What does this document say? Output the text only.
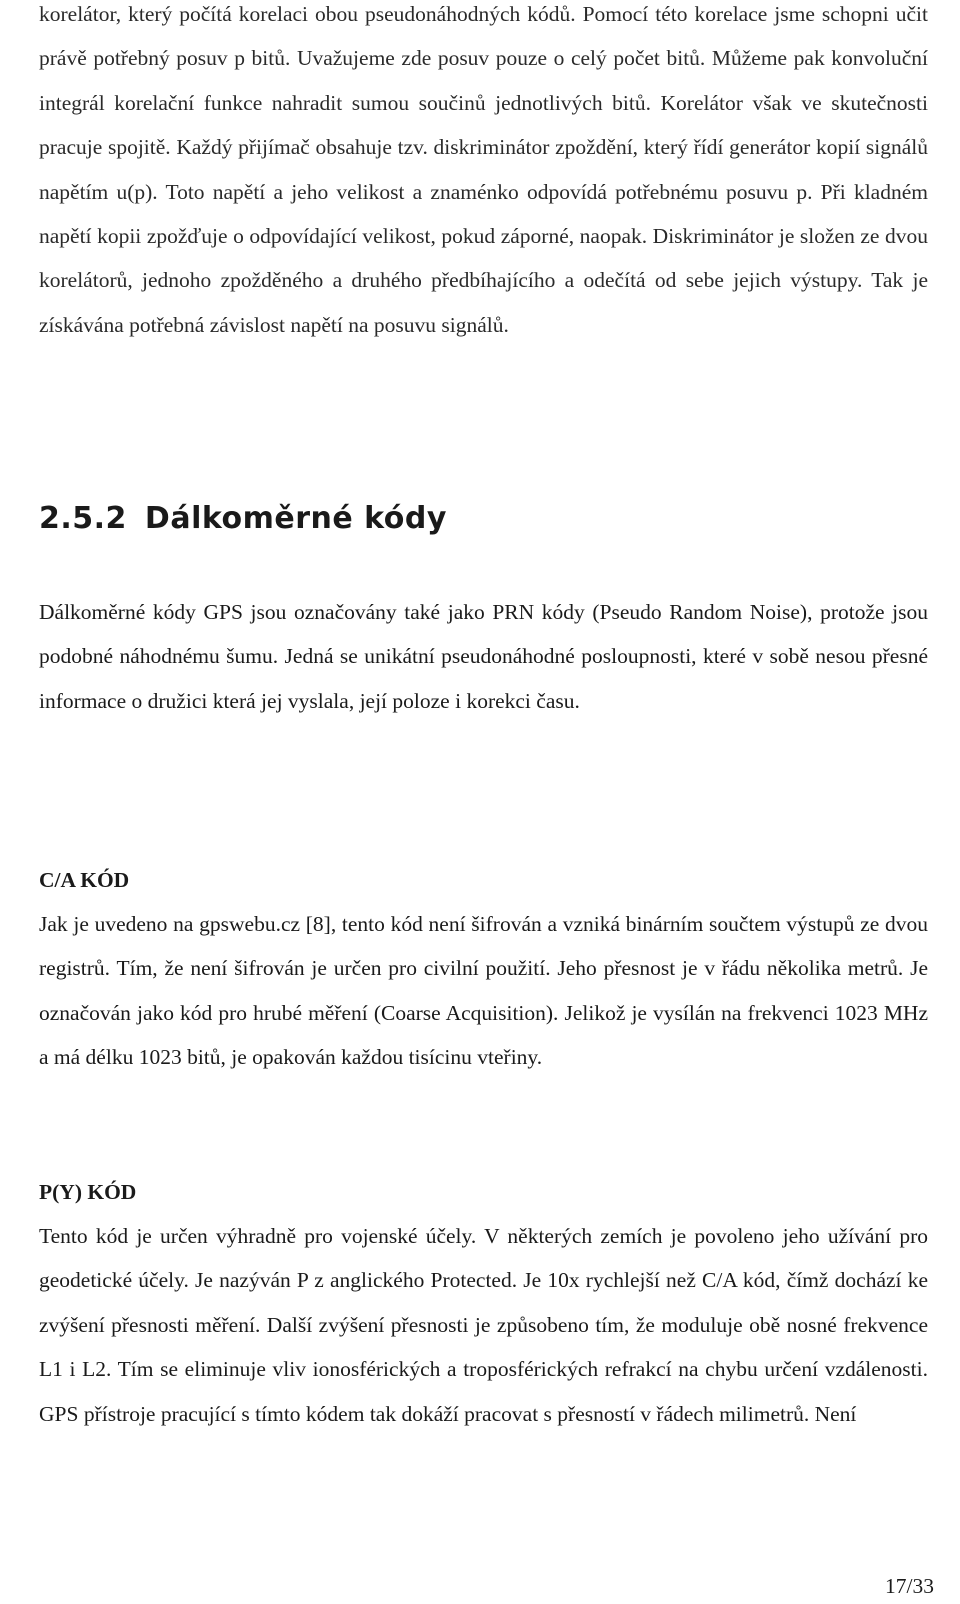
korelátor, který počítá korelaci obou pseudonáhodných kódů. Pomocí této korelace jsme schopni učit právě potřebný posuv p bitů. Uvažujeme zde posuv pouze o celý počet bitů. Můžeme pak konvoluční integrál korelační funkce nahradit sumou součinů jednotlivých bitů. Korelátor však ve skutečnosti pracuje spojitě. Každý přijímač obsahuje tzv. diskriminátor zpoždění, který řídí generátor kopií signálů napětím u(p). Toto napětí a jeho velikost a znaménko odpovídá potřebnému posuvu p. Při kladném napětí kopii zpožďuje o odpovídající velikost, pokud záporné, naopak. Diskriminátor je složen ze dvou korelátorů, jednoho zpožděného a druhého předbíhajícího a odečítá od sebe jejich výstupy. Tak je získávána potřebná závislost napětí na posuvu signálů.

2.5.2 Dálkoměrné kódy

Dálkoměrné kódy GPS jsou označovány také jako PRN kódy (Pseudo Random Noise), protože jsou podobné náhodnému šumu. Jedná se unikátní pseudonáhodné posloupnosti, které v sobě nesou přesné informace o družici která jej vyslala, její poloze i korekci času.

C/A KÓD

Jak je uvedeno na gpswebu.cz [8], tento kód není šifrován a vzniká binárním součtem výstupů ze dvou registrů. Tím, že není šifrován je určen pro civilní použití. Jeho přesnost je v řádu několika metrů. Je označován jako kód pro hrubé měření (Coarse Acquisition). Jelikož je vysílán na frekvenci 1023 MHz a má délku 1023 bitů, je opakován každou tisícinu vteřiny.

P(Y) KÓD

Tento kód je určen výhradně pro vojenské účely. V některých zemích je povoleno jeho užívání pro geodetické účely. Je nazýván P z anglického Protected. Je 10x rychlejší než C/A kód, čímž dochází ke zvýšení přesnosti měření. Další zvýšení přesnosti je způsobeno tím, že moduluje obě nosné frekvence L1 i L2. Tím se eliminuje vliv ionosférických a troposférických refrakcí na chybu určení vzdálenosti. GPS přístroje pracující s tímto kódem tak dokáží pracovat s přesností v řádech milimetrů. Není

17/33
